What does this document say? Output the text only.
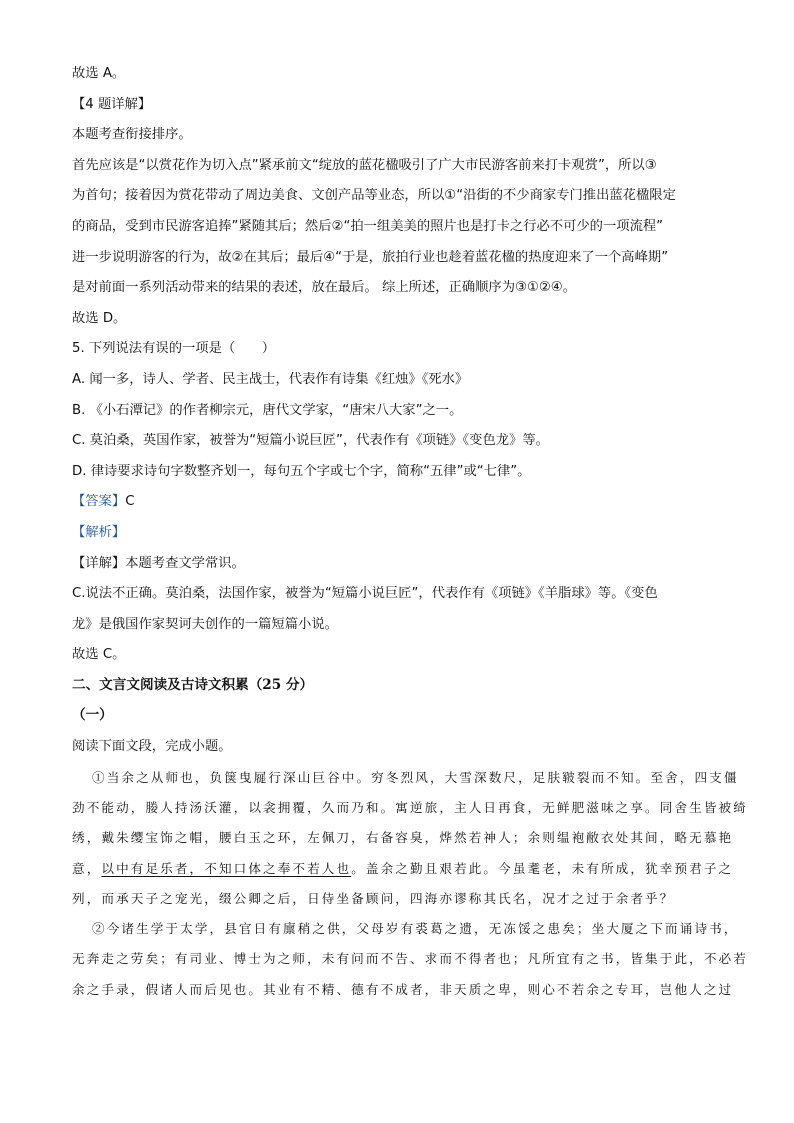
故选 A。
【4 题详解】
本题考查衔接排序。
首先应该是“以赏花作为切入点”紧承前文“绽放的蓝花楹吸引了广大市民游客前来打卡观赏”，所以③
为首句；接着因为赏花带动了周边美食、文创产品等业态，所以①“沿街的不少商家专门推出蓝花楹限定
的商品，受到市民游客追捧”紧随其后；然后②“拍一组美美的照片也是打卡之行必不可少的一项流程”
进一步说明游客的行为，故②在其后；最后④“于是，旅拍行业也趁着蓝花楹的热度迎来了一个高峰期”
是对前面一系列活动带来的结果的表述，放在最后。 综上所述，正确顺序为③①②④。
故选 D。
5. 下列说法有误的一项是（　　）
A. 闻一多，诗人、学者、民主战士，代表作有诗集《红烛》《死水》
B. 《小石潭记》的作者柳宗元，唐代文学家，“唐宋八大家”之一。
C. 莫泊桑，英国作家，被誉为“短篇小说巨匠”，代表作有《项链》《变色龙》等。
D. 律诗要求诗句字数整齐划一，每句五个字或七个字，简称“五律”或“七律”。
【答案】C
【解析】
【详解】本题考查文学常识。
C.说法不正确。莫泊桑，法国作家，被誉为“短篇小说巨匠”，代表作有《项链》《羊脂球》等。《变色
龙》是俄国作家契诃夫创作的一篇短篇小说。
故选 C。
二、文言文阅读及古诗文积累（25 分）
（一）
阅读下面文段，完成小题。
①当余之从师也，负箧曳屣行深山巨谷中。穷冬烈风，大雪深数尺，足肤皲裂而不知。至舍，四支僵
劲不能动，媵人持汤沃灌，以衾拥覆，久而乃和。寓逆旅，主人日再食，无鲜肥滋味之享。同舍生皆被绮
绣，戴朱缨宝饰之帽，腰白玉之环，左佩刀，右备容臭，烨然若神人；余则缊袍敝衣处其间，略无慕艳
意，以中有足乐者，不知口体之奉不若人也。盖余之勤且艰若此。今虽耄老，未有所成，犹幸预君子之
列，而承天子之宠光，缀公卿之后，日侍坐备顾问，四海亦谬称其氏名，况才之过于余者乎？
②今诸生学于太学，县官日有廪稍之供，父母岁有裘葛之遗，无冻馁之患矣；坐大厦之下而诵诗书，
无奔走之劳矣；有司业、博士为之师，未有问而不告、求而不得者也；凡所宜有之书，皆集于此，不必若
余之手录，假诸人而后见也。其业有不精、德有不成者，非天质之卑，则心不若余之专耳，岂他人之过
